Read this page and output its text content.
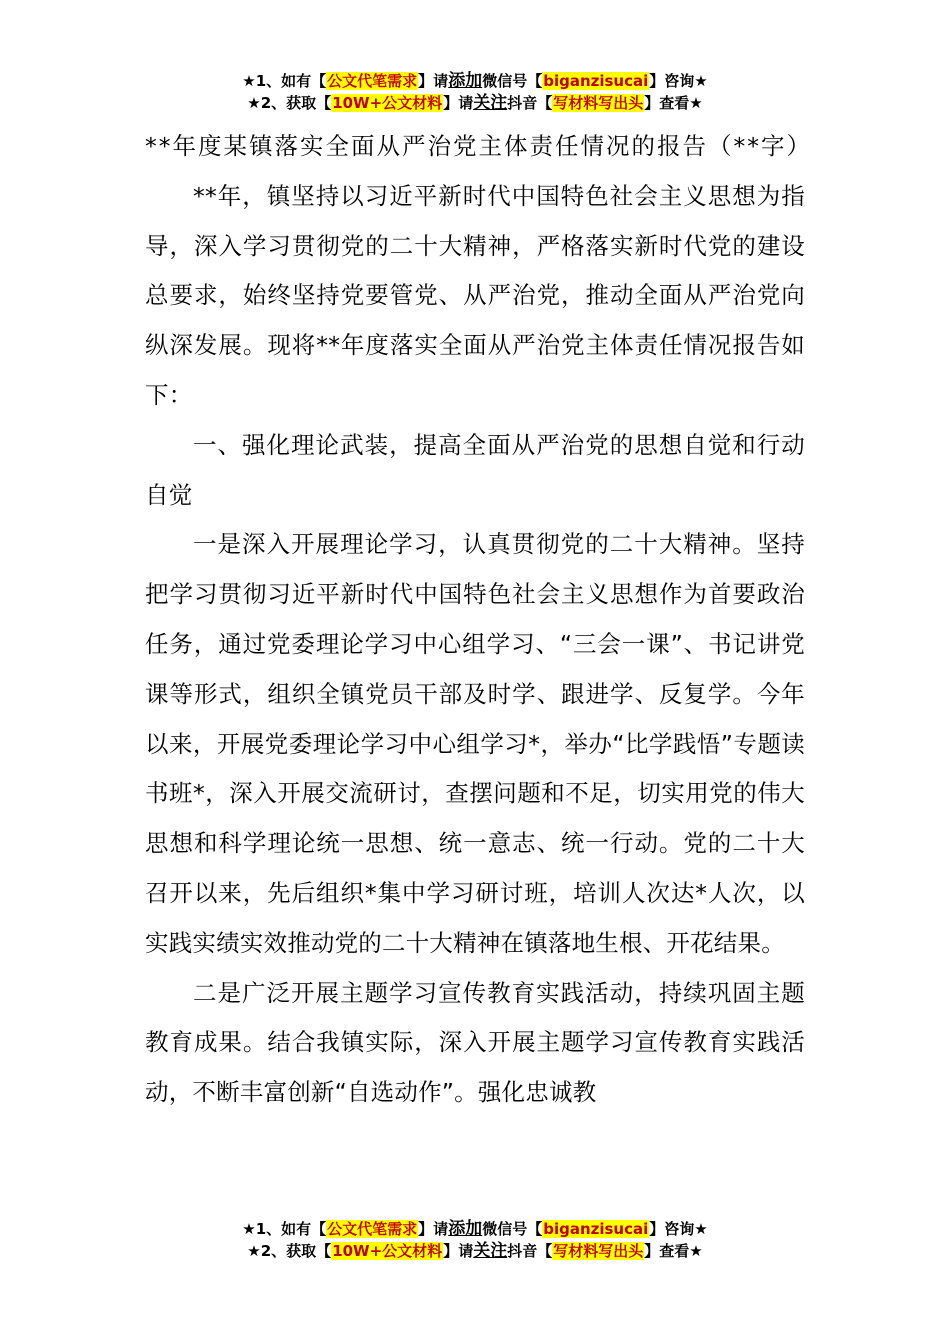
★1、如有【公文代笔需求】请添加微信号【biganzisucai】咨询★
★2、获取【10W+公文材料】请关注抖音【写材料写出头】查看★

**年度某镇落实全面从严治党主体责任情况的报告（**字）

**年，镇坚持以习近平新时代中国特色社会主义思想为指导，深入学习贯彻党的二十大精神，严格落实新时代党的建设总要求，始终坚持党要管党、从严治党，推动全面从严治党向纵深发展。现将**年度落实全面从严治党主体责任情况报告如下：

一、强化理论武装，提高全面从严治党的思想自觉和行动自觉

一是深入开展理论学习，认真贯彻党的二十大精神。坚持把学习贯彻习近平新时代中国特色社会主义思想作为首要政治任务，通过党委理论学习中心组学习、“三会一课”、书记讲党课等形式，组织全镇党员干部及时学、跟进学、反复学。今年以来，开展党委理论学习中心组学习*，举办“比学践悟”专题读书班*，深入开展交流研讨，查摆问题和不足，切实用党的伟大思想和科学理论统一思想、统一意志、统一行动。党的二十大召开以来，先后组织*集中学习研讨班，培训人次达*人次，以实践实绩实效推动党的二十大精神在镇落地生根、开花结果。

二是广泛开展主题学习宣传教育实践活动，持续巩固主题教育成果。结合我镇实际，深入开展主题学习宣传教育实践活动，不断丰富创新“自选动作”。强化忠诚教

★1、如有【公文代笔需求】请添加微信号【biganzisucai】咨询★
★2、获取【10W+公文材料】请关注抖音【写材料写出头】查看★
